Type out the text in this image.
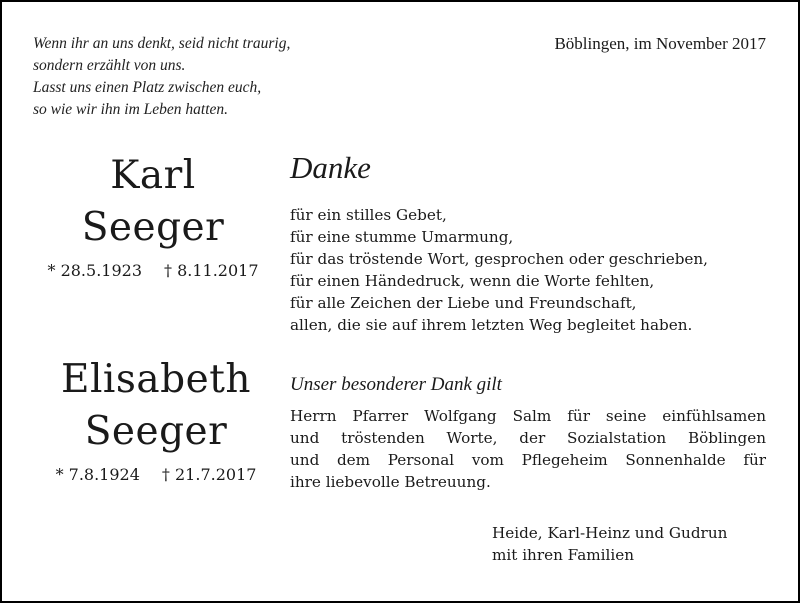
Wenn ihr an uns denkt, seid nicht traurig,
sondern erzählt von uns.
Lasst uns einen Platz zwischen euch,
so wie wir ihn im Leben hatten.
Böblingen, im November 2017
Karl
Seeger
* 28.5.1923 † 8.11.2017
Elisabeth
Seeger
* 7.8.1924 † 21.7.2017
Danke
für ein stilles Gebet,
für eine stumme Umarmung,
für das tröstende Wort, gesprochen oder geschrieben,
für einen Händedruck, wenn die Worte fehlten,
für alle Zeichen der Liebe und Freundschaft,
allen, die sie auf ihrem letzten Weg begleitet haben.
Unser besonderer Dank gilt
Herrn Pfarrer Wolfgang Salm für seine einfühlsamen
und tröstenden Worte, der Sozialstation Böblingen
und dem Personal vom Pflegeheim Sonnenhalde für
ihre liebevolle Betreuung.
Heide, Karl-Heinz und Gudrun
mit ihren Familien
